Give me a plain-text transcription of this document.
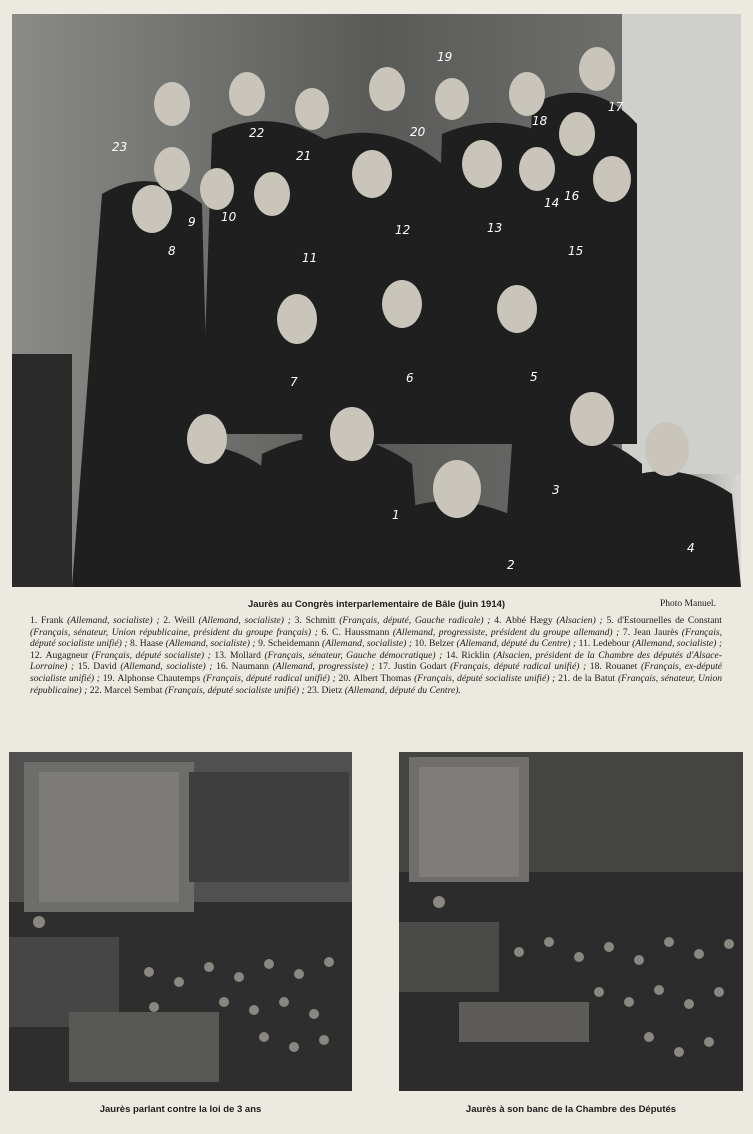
1
2
3
4
5
6
7
8
9 10
11
12	13
14
15
16
17
18
19
20
21
22
23
Jaurès au Congrès interparlementaire de Bâle (juin 1914)	Photo Manuel.
1. Frank (Allemand, socialiste) ; 2. Weill (Allemand, socialiste) ; 3. Schmitt (Français, député, Gauche radicale) ; 4. Abbé Hægy (Alsacien) ; 5. d'Estournelles de Constant (Français, sénateur, Union républicaine, président du groupe français) ; 6. C. Haussmann (Allemand, progressiste, président du groupe allemand) ; 7. Jean Jaurès (Français, député socialiste unifié) ; 8. Haase (Allemand, socialiste) ; 9. Scheidemann (Allemand, socialiste) ; 10. Belzer (Allemand, député du Centre) ; 11. Ledebour (Allemand, socialiste) ; 12. Augagneur (Français, député socialiste) ; 13. Mollard (Français, sénateur, Gauche démocratique) ; 14. Ricklin (Alsacien, président de la Chambre des députés d'Alsace-Lorraine) ; 15. David (Allemand, socialiste) ; 16. Naumann (Allemand, progressiste) ; 17. Justin Godart (Français, député radical unifié) ; 18. Rouanet (Français, ex-député socialiste unifié) ; 19. Alphonse Chautemps (Français, député radical unifié) ; 20. Albert Thomas (Français, député socialiste unifié) ; 21. de la Batut (Français, sénateur, Union républicaine) ; 22. Marcel Sembat (Français, député socialiste unifié) ; 23. Dietz (Allemand, député du Centre).
Jaurès parlant contre la loi de 3 ans	Jaurès à son banc de la Chambre des Députés
